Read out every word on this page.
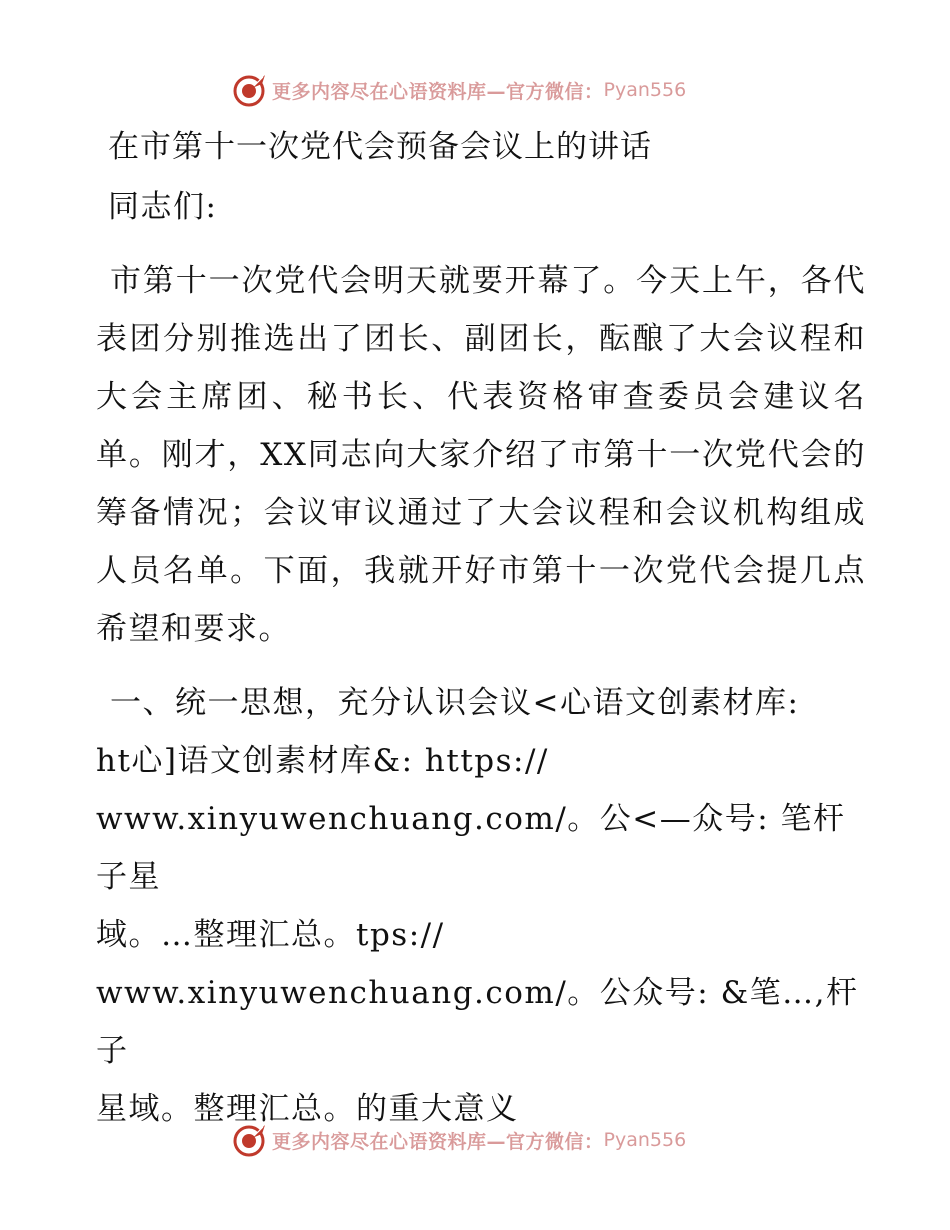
更多内容尽在心语资料库—官方微信： Pyan556
在市第十一次党代会预备会议上的讲话

同志们:

市第十一次党代会明天就要开幕了。今天上午，各代表团分别推选出了团长、副团长，酝酿了大会议程和大会主席团、秘书长、代表资格审查委员会建议名单。刚才，XX同志向大家介绍了市第十一次党代会的筹备情况；会议审议通过了大会议程和会议机构组成人员名单。下面，我就开好市第十一次党代会提几点希望和要求。

一、统一思想，充分认识会议<心语文创素材库:
ht心]语文创素材库&: https://
www.xinyuwenchuang.com/。公<—众号: 笔杆子星
域。…整理汇总。tps://
www.xinyuwenchuang.com/。公众号: &笔…,杆子
星域。整理汇总。的重大意义
更多内容尽在心语资料库—官方微信： Pyan556
